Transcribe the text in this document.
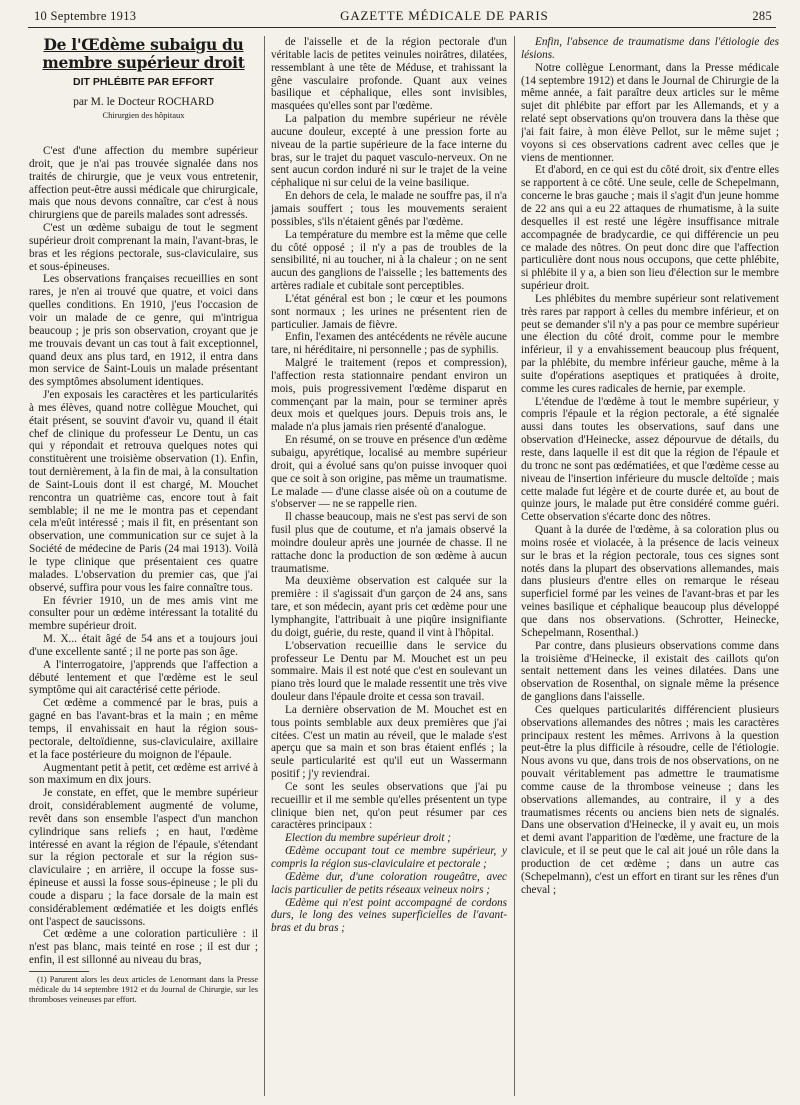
10 Septembre 1913	GAZETTE MÉDICALE DE PARIS	285

De l'Œdème subaigu du membre supérieur droit

DIT PHLÉBITE PAR EFFORT

par M. le Docteur ROCHARD

Chirurgien des hôpitaux

C'est d'une affection du membre supérieur droit, que je n'ai pas trouvée signalée dans nos traités de chirurgie, que je veux vous entretenir, affection peut-être aussi médicale que chirurgicale, mais que nous devons connaître, car c'est à nous chirurgiens que de pareils malades sont adressés.

C'est un œdème subaigu de tout le segment supérieur droit comprenant la main, l'avant-bras, le bras et les régions pectorale, sus-claviculaire, sus et sous-épineuses.

Les observations françaises recueillies en sont rares, je n'en ai trouvé que quatre, et voici dans quelles conditions. En 1910, j'eus l'occasion de voir un malade de ce genre, qui m'intrigua beaucoup ; je pris son observation, croyant que je me trouvais devant un cas tout à fait exceptionnel, quand deux ans plus tard, en 1912, il entra dans mon service de Saint-Louis un malade présentant des symptômes absolument identiques.

J'en exposais les caractères et les particularités à mes élèves, quand notre collègue Mouchet, qui était présent, se souvint d'avoir vu, quand il était chef de clinique du professeur Le Dentu, un cas qui y répondait et retrouva quelques notes qui constituèrent une troisième observation (1). Enfin, tout dernièrement, à la fin de mai, à la consultation de Saint-Louis dont il est chargé, M. Mouchet rencontra un quatrième cas, encore tout à fait semblable; il ne me le montra pas et cependant cela m'eût intéressé ; mais il fit, en présentant son observation, une communication sur ce sujet à la Société de médecine de Paris (24 mai 1913). Voilà le type clinique que présentaient ces quatre malades. L'observation du premier cas, que j'ai observé, suffira pour vous les faire connaître tous.

En février 1910, un de mes amis vint me consulter pour un œdème intéressant la totalité du membre supérieur droit.

M. X... était âgé de 54 ans et a toujours joui d'une excellente santé ; il ne porte pas son âge.

A l'interrogatoire, j'apprends que l'affection a débuté lentement et que l'œdème est le seul symptôme qui ait caractérisé cette période.

Cet œdème a commencé par le bras, puis a gagné en bas l'avant-bras et la main ; en même temps, il envahissait en haut la région sous-pectorale, deltoïdienne, sus-claviculaire, axillaire et la face postérieure du moignon de l'épaule.

Augmentant petit à petit, cet œdème est arrivé à son maximum en dix jours.

Je constate, en effet, que le membre supérieur droit, considérablement augmenté de volume, revêt dans son ensemble l'aspect d'un manchon cylindrique sans reliefs ; en haut, l'œdème intéressé en avant la région de l'épaule, s'étendant sur la région pectorale et sur la région sus-claviculaire ; en arrière, il occupe la fosse sus-épineuse et aussi la fosse sous-épineuse ; le pli du coude a disparu ; la face dorsale de la main est considérablement œdématiée et les doigts enflés ont l'aspect de saucissons.

Cet œdème a une coloration particulière : il n'est pas blanc, mais teinté en rose ; il est dur ; enfin, il est sillonné au niveau du bras,

(1) Parurent alors les deux articles de Lenormant dans la Presse médicale du 14 septembre 1912 et du Journal de Chirurgie, sur les thromboses veineuses par effort.

de l'aisselle et de la région pectorale d'un véritable lacis de petites veinules noirâtres, dilatées, ressemblant à une tête de Méduse, et trahissant la gêne vasculaire profonde. Quant aux veines basilique et céphalique, elles sont invisibles, masquées qu'elles sont par l'œdème.

La palpation du membre supérieur ne révèle aucune douleur, excepté à une pression forte au niveau de la partie supérieure de la face interne du bras, sur le trajet du paquet vasculo-nerveux. On ne sent aucun cordon induré ni sur le trajet de la veine céphalique ni sur celui de la veine basilique.

En dehors de cela, le malade ne souffre pas, il n'a jamais souffert ; tous les mouvements seraient possibles, s'ils n'étaient gênés par l'œdème.

La température du membre est la même que celle du côté opposé ; il n'y a pas de troubles de la sensibilité, ni au toucher, ni à la chaleur ; on ne sent aucun des ganglions de l'aisselle ; les battements des artères radiale et cubitale sont perceptibles.

L'état général est bon ; le cœur et les poumons sont normaux ; les urines ne présentent rien de particulier. Jamais de fièvre.

Enfin, l'examen des antécédents ne révèle aucune tare, ni héréditaire, ni personnelle ; pas de syphilis.

Malgré le traitement (repos et compression), l'affection resta stationnaire pendant environ un mois, puis progressivement l'œdème disparut en commençant par la main, pour se terminer après deux mois et quelques jours. Depuis trois ans, le malade n'a plus jamais rien présenté d'analogue.

En résumé, on se trouve en présence d'un œdème subaigu, apyrétique, localisé au membre supérieur droit, qui a évolué sans qu'on puisse invoquer quoi que ce soit à son origine, pas même un traumatisme. Le malade — d'une classe aisée où on a coutume de s'observer — ne se rappelle rien.

Il chasse beaucoup, mais ne s'est pas servi de son fusil plus que de coutume, et n'a jamais observé la moindre douleur après une journée de chasse. Il ne rattache donc la production de son œdème à aucun traumatisme.

Ma deuxième observation est calquée sur la première : il s'agissait d'un garçon de 24 ans, sans tare, et son médecin, ayant pris cet œdème pour une lymphangite, l'attribuait à une piqûre insignifiante du doigt, guérie, du reste, quand il vint à l'hôpital.

L'observation recueillie dans le service du professeur Le Dentu par M. Mouchet est un peu sommaire. Mais il est noté que c'est en soulevant un piano très lourd que le malade ressentit une très vive douleur dans l'épaule droite et cessa son travail.

La dernière observation de M. Mouchet est en tous points semblable aux deux premières que j'ai citées. C'est un matin au réveil, que le malade s'est aperçu que sa main et son bras étaient enflés ; la seule particularité est qu'il eut un Wassermann positif ; j'y reviendrai.

Ce sont les seules observations que j'ai pu recueillir et il me semble qu'elles présentent un type clinique bien net, qu'on peut résumer par ces caractères principaux :

Election du membre supérieur droit ;

Œdème occupant tout ce membre supérieur, y compris la région sus-claviculaire et pectorale ;

Œdème dur, d'une coloration rougeâtre, avec lacis particulier de petits réseaux veineux noirs ;

Œdème qui n'est point accompagné de cordons durs, le long des veines superficielles de l'avant-bras et du bras ;

Enfin, l'absence de traumatisme dans l'étiologie des lésions.

Notre collègue Lenormant, dans la Presse médicale (14 septembre 1912) et dans le Journal de Chirurgie de la même année, a fait paraître deux articles sur le même sujet dit phlébite par effort par les Allemands, et y a relaté sept observations qu'on trouvera dans la thèse que j'ai fait faire, à mon élève Pellot, sur le même sujet ; voyons si ces observations cadrent avec celles que je viens de mentionner.

Et d'abord, en ce qui est du côté droit, six d'entre elles se rapportent à ce côté. Une seule, celle de Schepelmann, concerne le bras gauche ; mais il s'agit d'un jeune homme de 22 ans qui a eu 22 attaques de rhumatisme, à la suite desquelles il est resté une légère insuffisance mitrale accompagnée de bradycardie, ce qui différencie un peu ce malade des nôtres. On peut donc dire que l'affection particulière dont nous nous occupons, que cette phlébite, si phlébite il y a, a bien son lieu d'élection sur le membre supérieur droit.

Les phlébites du membre supérieur sont relativement très rares par rapport à celles du membre inférieur, et on peut se demander s'il n'y a pas pour ce membre supérieur une élection du côté droit, comme pour le membre inférieur, il y a envahissement beaucoup plus fréquent, par la phlébite, du membre inférieur gauche, même à la suite d'opérations aseptiques et pratiquées à droite, comme les cures radicales de hernie, par exemple.

L'étendue de l'œdème à tout le membre supérieur, y compris l'épaule et la région pectorale, a été signalée aussi dans toutes les observations, sauf dans une observation d'Heinecke, assez dépourvue de détails, du reste, dans laquelle il est dit que la région de l'épaule et du tronc ne sont pas œdématiées, et que l'œdème cesse au niveau de l'insertion inférieure du muscle deltoïde ; mais cette malade fut légère et de courte durée et, au bout de quinze jours, le malade put être considéré comme guéri. Cette observation s'écarte donc des nôtres.

Quant à la durée de l'œdème, à sa coloration plus ou moins rosée et violacée, à la présence de lacis veineux sur le bras et la région pectorale, tous ces signes sont notés dans la plupart des observations allemandes, mais dans plusieurs d'entre elles on remarque le réseau superficiel formé par les veines de l'avant-bras et par les veines basilique et céphalique beaucoup plus développé que dans nos observations. (Schrotter, Heinecke, Schepelmann, Rosenthal.)

Par contre, dans plusieurs observations comme dans la troisième d'Heinecke, il existait des caillots qu'on sentait nettement dans les veines dilatées. Dans une observation de Rosenthal, on signale même la présence de ganglions dans l'aisselle.

Ces quelques particularités différencient plusieurs observations allemandes des nôtres ; mais les caractères principaux restent les mêmes. Arrivons à la question peut-être la plus difficile à résoudre, celle de l'étiologie. Nous avons vu que, dans trois de nos observations, on ne pouvait véritablement pas admettre le traumatisme comme cause de la thrombose veineuse ; dans les observations allemandes, au contraire, il y a des traumatismes récents ou anciens bien nets de signalés. Dans une observation d'Heinecke, il y avait eu, un mois et demi avant l'apparition de l'œdème, une fracture de la clavicule, et il se peut que le cal ait joué un rôle dans la production de cet œdème ; dans un autre cas (Schepelmann), c'est un effort en tirant sur les rênes d'un cheval ;
